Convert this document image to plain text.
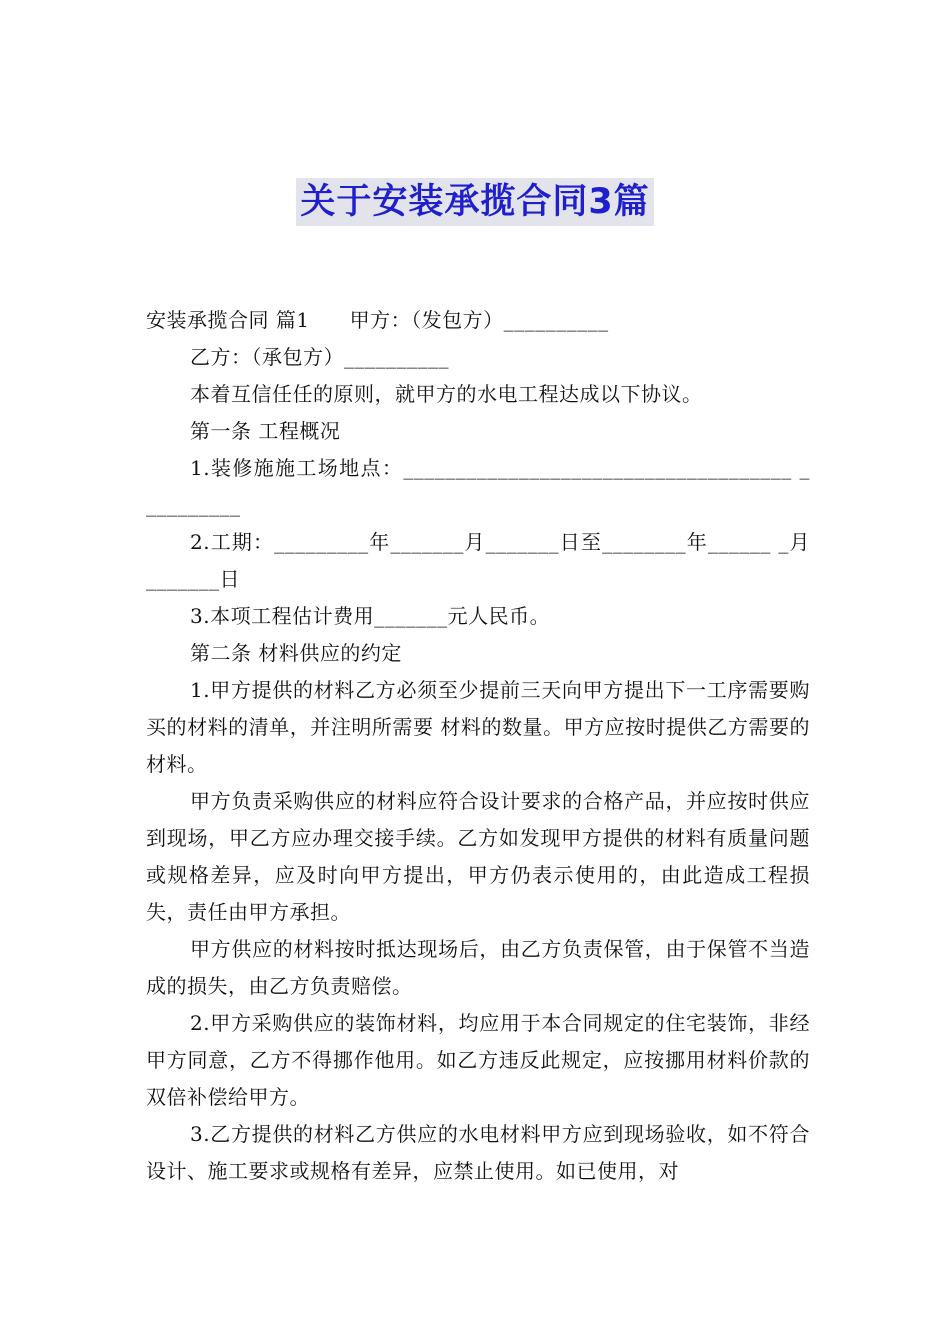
关于安装承揽合同3篇

安装承揽合同 篇1 甲方：（发包方）__________

乙方：（承包方）__________

本着互信任任的原则，就甲方的水电工程达成以下协议。

第一条 工程概况

1.装修施施工场地点：_____________________________________ __________

2.工期：_________年_______月_______日至________年______ _月_______日

3.本项工程估计费用_______元人民币。

第二条 材料供应的约定

1.甲方提供的材料乙方必须至少提前三天向甲方提出下一工序需要购买的材料的清单，并注明所需要 材料的数量。甲方应按时提供乙方需要的材料。

甲方负责采购供应的材料应符合设计要求的合格产品，并应按时供应到现场，甲乙方应办理交接手续。乙方如发现甲方提供的材料有质量问题或规格差异，应及时向甲方提出，甲方仍表示使用的，由此造成工程损失，责任由甲方承担。

甲方供应的材料按时抵达现场后，由乙方负责保管，由于保管不当造成的损失，由乙方负责赔偿。

2.甲方采购供应的装饰材料，均应用于本合同规定的住宅装饰，非经甲方同意，乙方不得挪作他用。如乙方违反此规定，应按挪用材料价款的双倍补偿给甲方。

3.乙方提供的材料乙方供应的水电材料甲方应到现场验收，如不符合设计、施工要求或规格有差异，应禁止使用。如已使用，对
